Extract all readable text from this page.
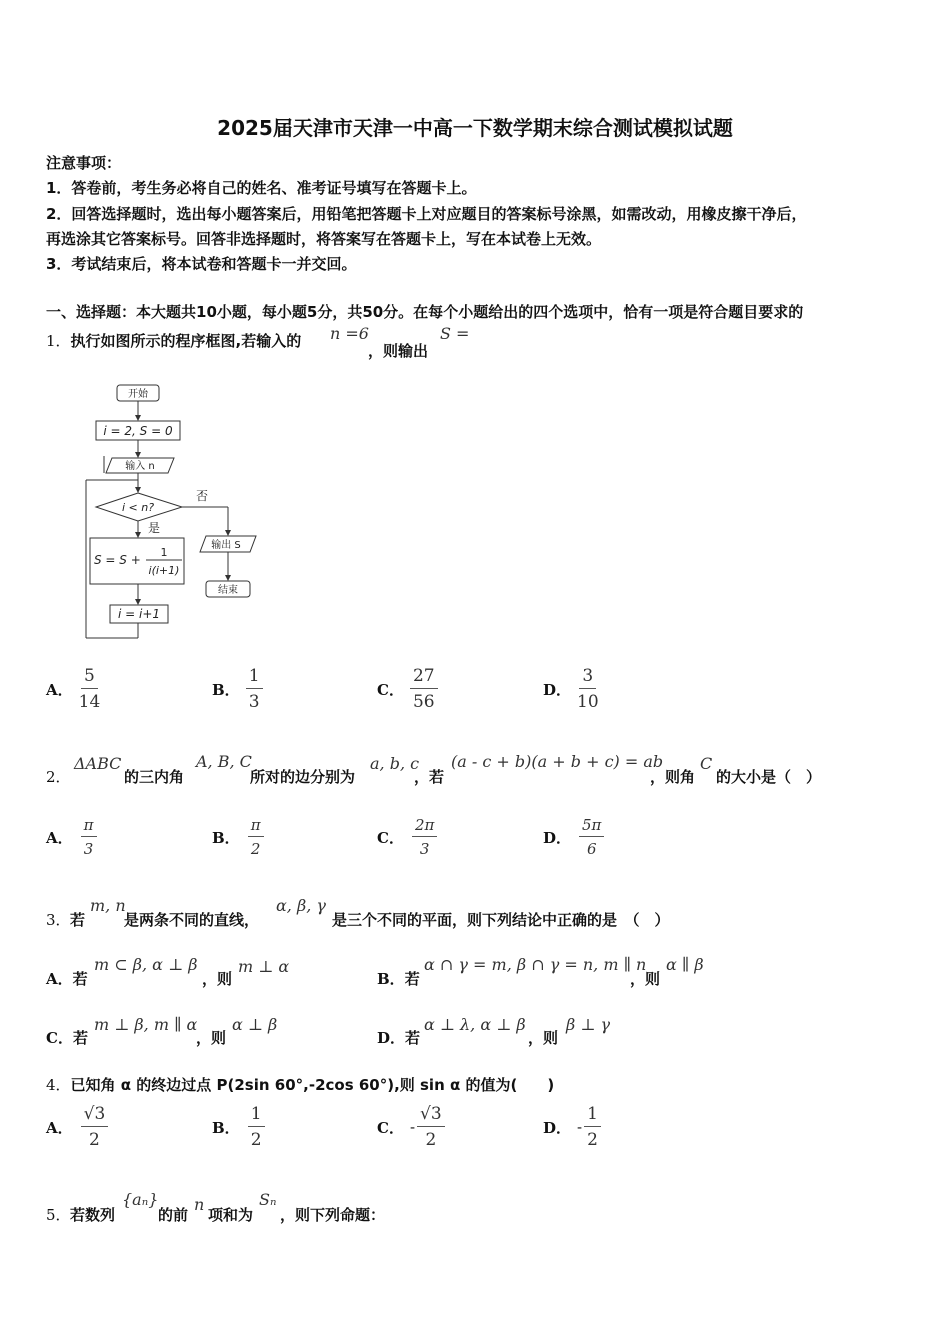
2025届天津市天津一中高一下数学期末综合测试模拟试题
注意事项：
1．答卷前，考生务必将自己的姓名、准考证号填写在答题卡上。
2．回答选择题时，选出每小题答案后，用铅笔把答题卡上对应题目的答案标号涂黑，如需改动，用橡皮擦干净后，
再选涂其它答案标号。回答非选择题时，将答案写在答题卡上，写在本试卷上无效。
3．考试结束后，将本试卷和答题卡一并交回。
一、选择题：本大题共10小题，每小题5分，共50分。在每个小题给出的四个选项中，恰有一项是符合题目要求的
1．执行如图所示的程序框图,若输入的 n =6
，则输出
S =
开始
i = 2, S = 0
输入 n
i < n?
否
是
S = S +
1
i(i+1)
输出 S
结束
i = i+1
A． $\frac{5}{14}$	B． $\frac{1}{3}$	C． $\frac{27}{56}$	D． $\frac{3}{10}$
2．
ΔABC
的三内角
A, B, C
所对的边分别为
a, b, c
，若
(a - c + b)(a + b + c) = ab
，则角
C
的大小是（　）
A． $\frac{\pi}{3}$	B． $\frac{\pi}{2}$	C． $\frac{2\pi}{3}$	D． $\frac{5\pi}{6}$
3． 若
m, n
是两条不同的直线，
α, β, γ
是三个不同的平面，则下列结论中正确的是　（　）
A．若
m ⊂ β, α ⊥ β
，则
m ⊥ α
B．若
α ∩ γ = m, β ∩ γ = n, m ∥ n
，则
α ∥ β
C．若
m ⊥ β, m ∥ α
，则
α ⊥ β
D．若
α ⊥ λ, α ⊥ β
，则
β ⊥ γ
4．已知角 α 的终边过点 P(2sin 60°,-2cos 60°),则 sin α 的值为(　　)
A． $\frac{√3}{2}$	B． $\frac{1}{2}$	C． - $\frac{√3}{2}$	D． - $\frac{1}{2}$
5． 若数列
{aₙ}
的前
n
项和为
Sₙ
，则下列命题：
